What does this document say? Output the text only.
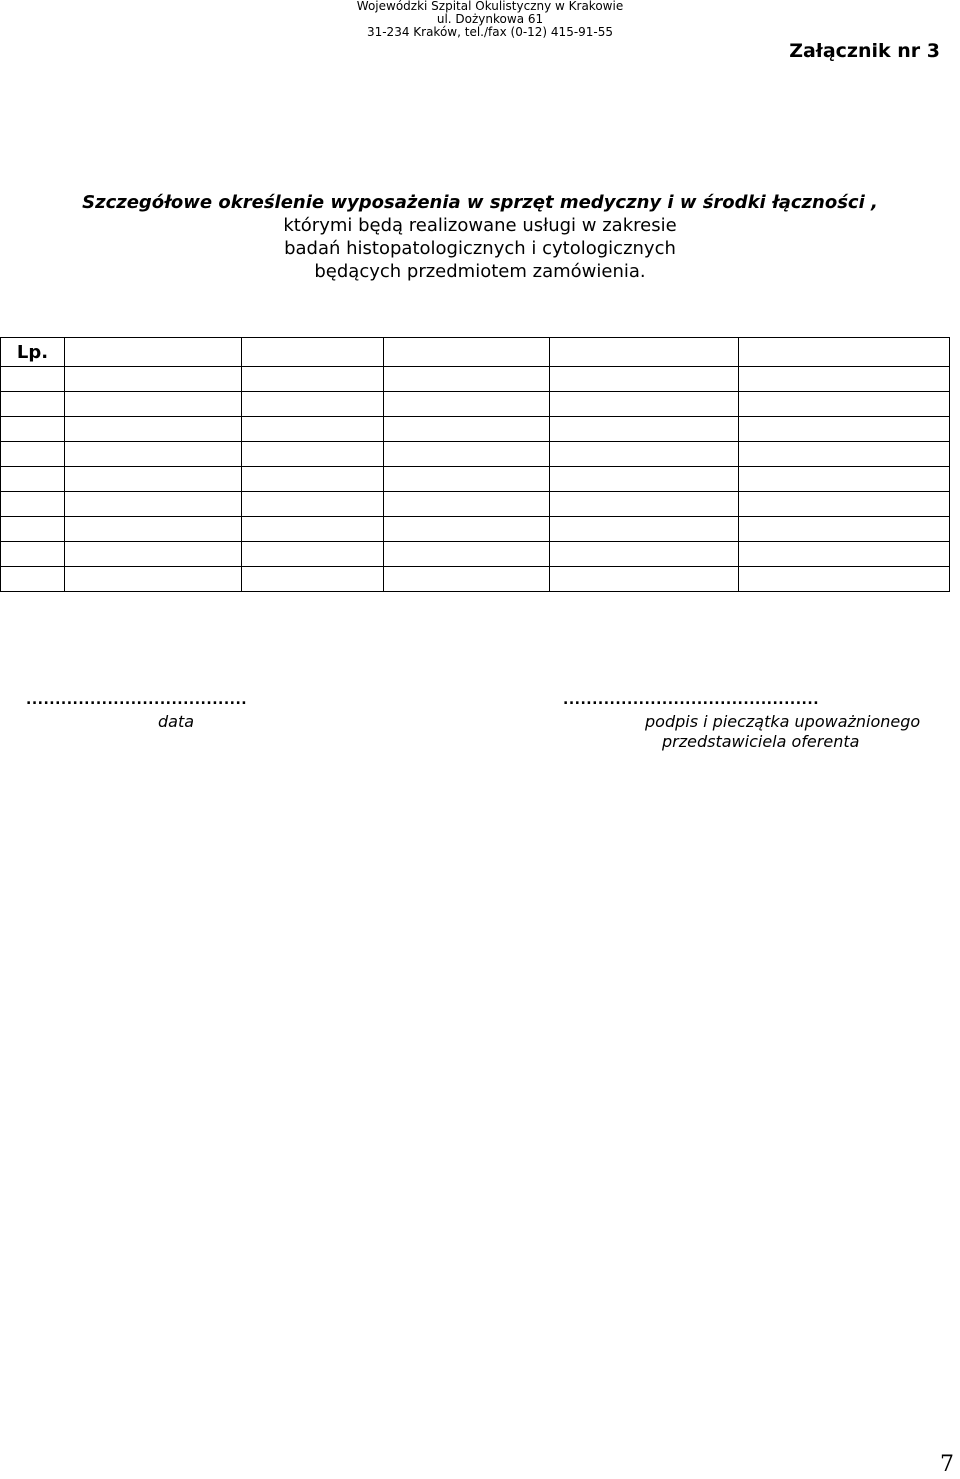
Wojewódzki Szpital Okulistyczny w Krakowie
ul. Dożynkowa 61
31-234 Kraków, tel./fax (0-12) 415-91-55
Załącznik nr 3
Szczegółowe określenie wyposażenia w sprzęt medyczny i w środki łączności ,
którymi będą realizowane usługi w zakresie
badań histopatologicznych i cytologicznych
będących przedmiotem zamówienia.
Lp.					

......................................
data
............................................
podpis i pieczątka upoważnionego
przedstawiciela oferenta
7
